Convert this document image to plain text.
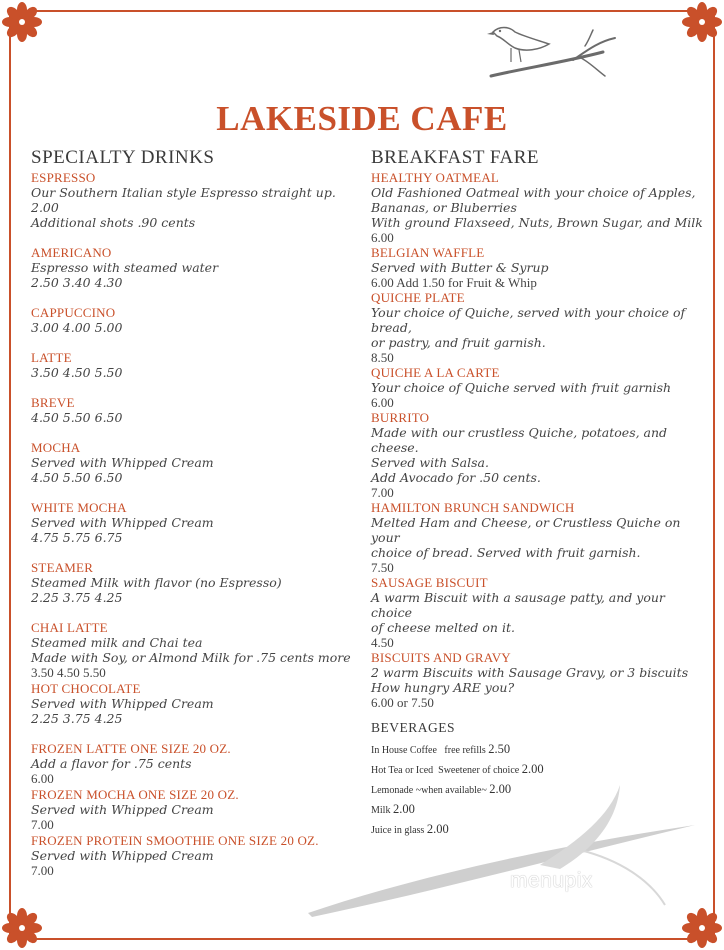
menupix
LAKESIDE CAFE
SPECIALTY DRINKS
ESPRESSO
Our Southern Italian style Espresso straight up. 2.00
Additional shots .90 cents
AMERICANO
Espresso with steamed water
2.50 3.40 4.30
CAPPUCCINO
3.00 4.00 5.00
LATTE
3.50 4.50 5.50
BREVE
4.50 5.50 6.50
MOCHA
Served with Whipped Cream
4.50 5.50 6.50
WHITE MOCHA
Served with Whipped Cream
4.75 5.75 6.75
STEAMER
Steamed Milk with flavor (no Espresso)
2.25 3.75 4.25
CHAI LATTE
Steamed milk and Chai tea
Made with Soy, or Almond Milk for .75 cents more
3.50 4.50 5.50
HOT CHOCOLATE
Served with Whipped Cream
2.25 3.75 4.25
FROZEN LATTE ONE SIZE 20 OZ.
Add a flavor for .75 cents
6.00
FROZEN MOCHA ONE SIZE 20 OZ.
Served with Whipped Cream
7.00
FROZEN PROTEIN SMOOTHIE ONE SIZE 20 OZ.
Served with Whipped Cream
7.00
BREAKFAST FARE
HEALTHY OATMEAL
Old Fashioned Oatmeal with your choice of Apples,
Bananas, or Bluberries
With ground Flaxseed, Nuts, Brown Sugar, and Milk
6.00
BELGIAN WAFFLE
Served with Butter & Syrup
6.00 Add 1.50 for Fruit & Whip
QUICHE PLATE
Your choice of Quiche, served with your choice of bread,
or pastry, and fruit garnish.
8.50
QUICHE A LA CARTE
Your choice of Quiche served with fruit garnish
6.00
BURRITO
Made with our crustless Quiche, potatoes, and cheese.
Served with Salsa.
Add Avocado for .50 cents.
7.00
HAMILTON BRUNCH SANDWICH
Melted Ham and Cheese, or Crustless Quiche on your
choice of bread. Served with fruit garnish.
7.50
SAUSAGE BISCUIT
A warm Biscuit with a sausage patty, and your choice
of cheese melted on it.
4.50
BISCUITS AND GRAVY
2 warm Biscuits with Sausage Gravy, or 3 biscuits
How hungry ARE you?
6.00 or 7.50
BEVERAGES
In House Coffee   free refills 2.50
Hot Tea or Iced  Sweetener of choice 2.00
Lemonade ~when available~ 2.00
Milk 2.00
Juice in glass 2.00
